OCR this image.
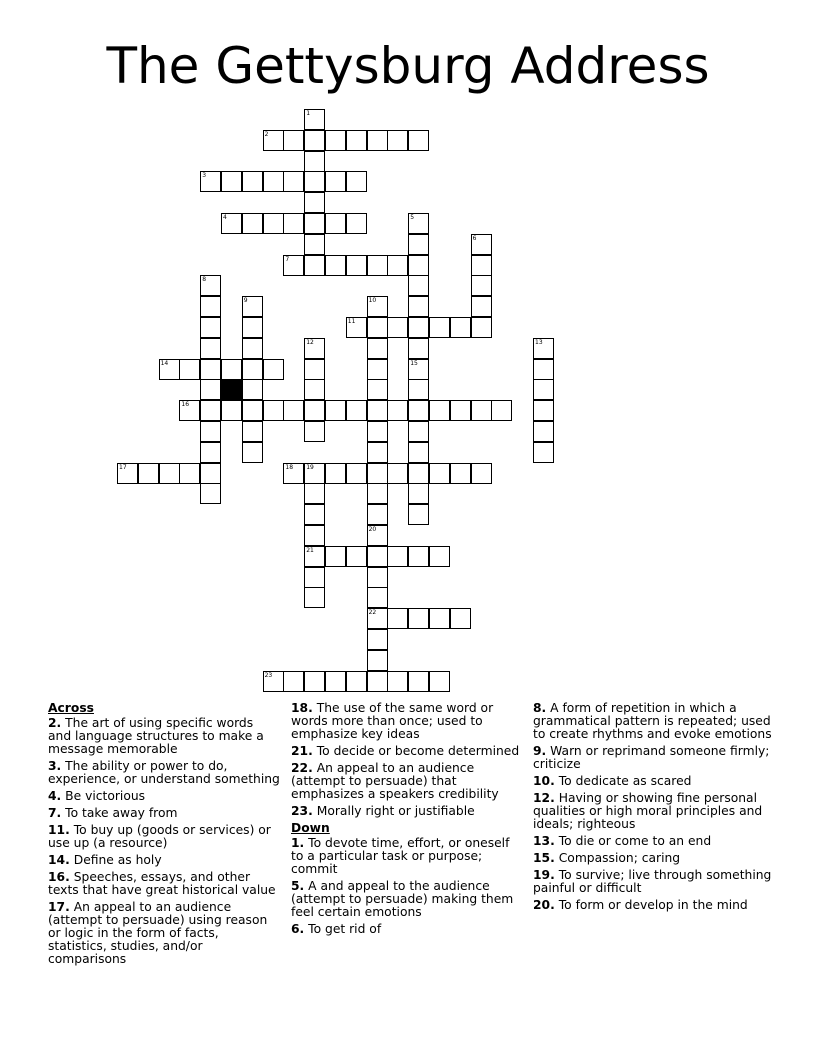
The Gettysburg Address
1
2
3
4	5
6
7
8
9	10
11
12	13
14	15
16
17	18 19
20
21
22
23
Across
2. The art of using specific words and language structures to make a message memorable
3. The ability or power to do, experience, or understand something
4. Be victorious
7. To take away from
11. To buy up (goods or services) or use up (a resource)
14. Define as holy
16. Speeches, essays, and other texts that have great historical value
17. An appeal to an audience (attempt to persuade) using reason or logic in the form of facts, statistics, studies, and/or comparisons
18. The use of the same word or words more than once; used to emphasize key ideas
21. To decide or become determined
22. An appeal to an audience (attempt to persuade) that emphasizes a speakers credibility
23. Morally right or justifiable
Down
1. To devote time, effort, or oneself to a particular task or purpose; commit
5. A and appeal to the audience (attempt to persuade) making them feel certain emotions
6. To get rid of
8. A form of repetition in which a grammatical pattern is repeated; used to create rhythms and evoke emotions
9. Warn or reprimand someone firmly; criticize
10. To dedicate as scared
12. Having or showing fine personal qualities or high moral principles and ideals; righteous
13. To die or come to an end
15. Compassion; caring
19. To survive; live through something painful or difficult
20. To form or develop in the mind
